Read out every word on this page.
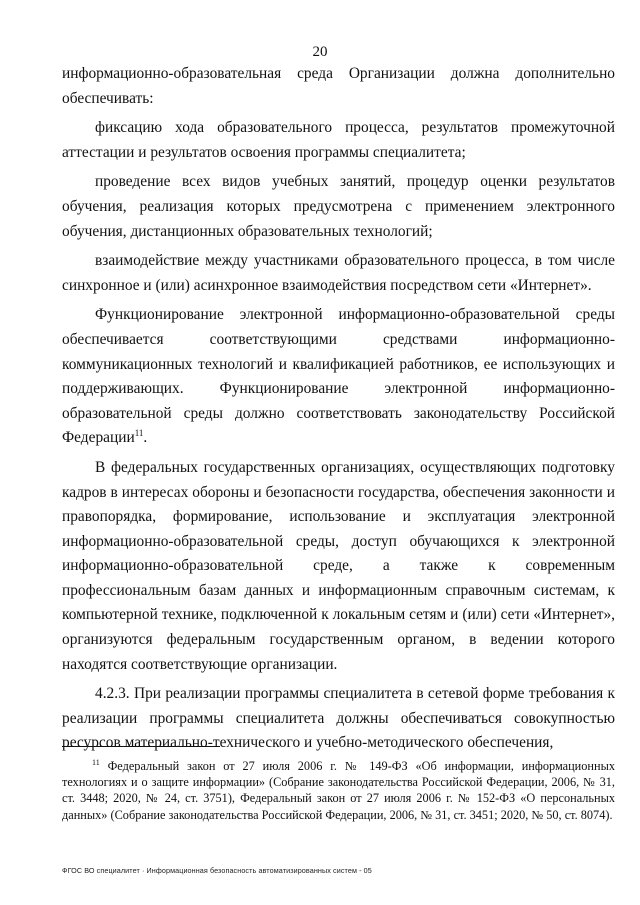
20

информационно-образовательная среда Организации должна дополнительно обеспечивать:

фиксацию хода образовательного процесса, результатов промежуточной аттестации и результатов освоения программы специалитета;

проведение всех видов учебных занятий, процедур оценки результатов обучения, реализация которых предусмотрена с применением электронного обучения, дистанционных образовательных технологий;

взаимодействие между участниками образовательного процесса, в том числе синхронное и (или) асинхронное взаимодействия посредством сети «Интернет».

Функционирование электронной информационно-образовательной среды обеспечивается соответствующими средствами информационно-коммуникационных технологий и квалификацией работников, ее использующих и поддерживающих. Функционирование электронной информационно-образовательной среды должно соответствовать законодательству Российской Федерации$^{11}$.

В федеральных государственных организациях, осуществляющих подготовку кадров в интересах обороны и безопасности государства, обеспечения законности и правопорядка, формирование, использование и эксплуатация электронной информационно-образовательной среды, доступ обучающихся к электронной информационно-образовательной среде, а также к современным профессиональным базам данных и информационным справочным системам, к компьютерной технике, подключенной к локальным сетям и (или) сети «Интернет», организуются федеральным государственным органом, в ведении которого находятся соответствующие организации.

4.2.3. При реализации программы специалитета в сетевой форме требования к реализации программы специалитета должны обеспечиваться совокупностью ресурсов материально-технического и учебно-методического обеспечения,

$^{11}$ Федеральный закон от 27 июля 2006 г. № 149-ФЗ «Об информации, информационных технологиях и о защите информации» (Собрание законодательства Российской Федерации, 2006, № 31, ст. 3448; 2020, № 24, ст. 3751), Федеральный закон от 27 июля 2006 г. № 152-ФЗ «О персональных данных» (Собрание законодательства Российской Федерации, 2006, № 31, ст. 3451; 2020, № 50, ст. 8074).
ФГОС ВО специалитет · Информационная безопасность автоматизированных систем - 05
